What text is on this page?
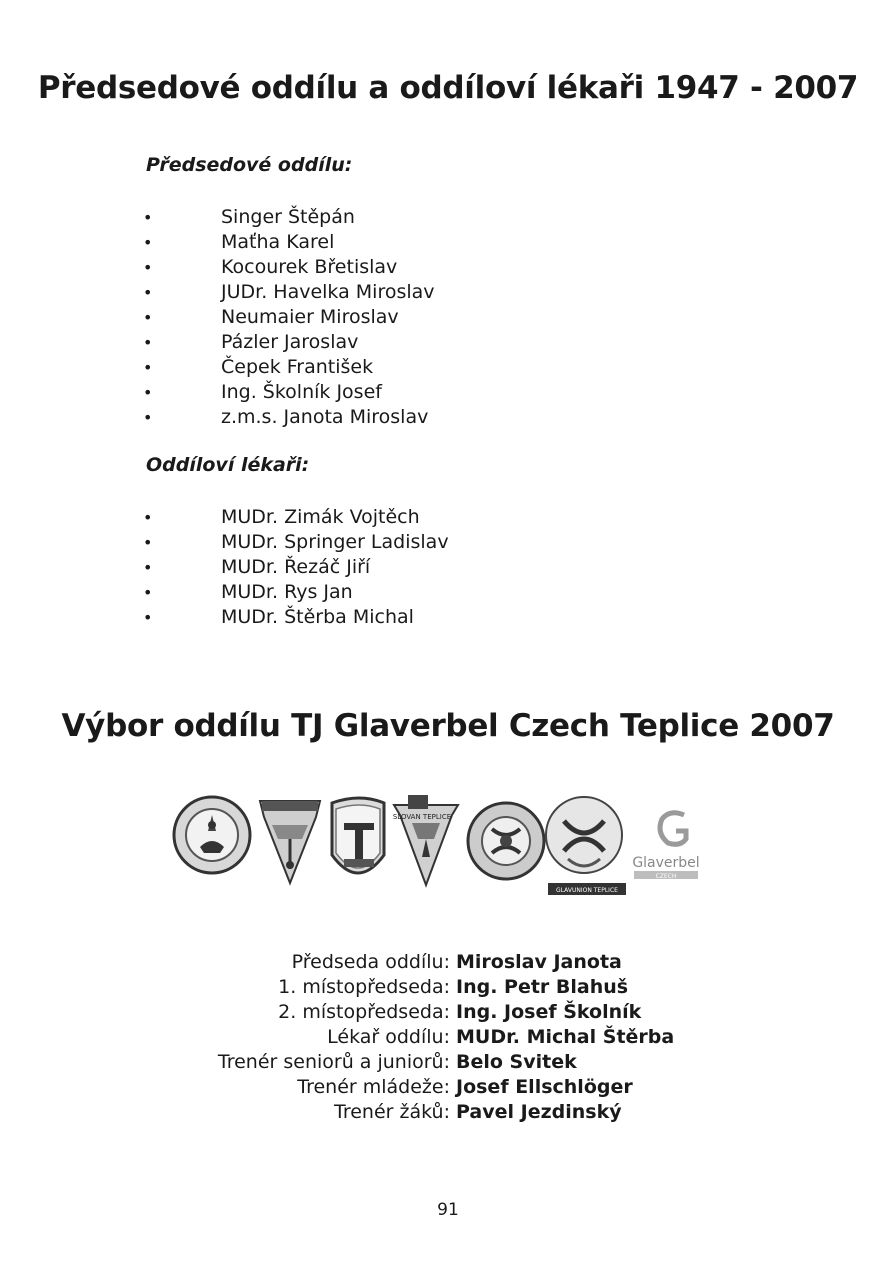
Předsedové oddílu a oddíloví lékaři 1947 - 2007
Předsedové oddílu:
•	Singer Štěpán
•	Maťha Karel
•	Kocourek Břetislav
•	JUDr. Havelka Miroslav
•	Neumaier Miroslav
•	Pázler Jaroslav
•	Čepek František
•	Ing. Školník Josef
•	z.m.s. Janota Miroslav
Oddíloví lékaři:
•	MUDr. Zimák Vojtěch
•	MUDr. Springer Ladislav
•	MUDr. Řezáč Jiří
•	MUDr. Rys Jan
•	MUDr. Štěrba Michal
Výbor oddílu TJ Glaverbel Czech Teplice 2007
SLOVAN TEPLICE
GLAVUNION TEPLICE
Glaverbel
CZECH
Předseda oddílu: Miroslav Janota
1. místopředseda: Ing. Petr Blahuš
2. místopředseda: Ing. Josef Školník
Lékař oddílu: MUDr. Michal Štěrba
Trenér seniorů a juniorů: Belo Svitek
Trenér mládeže: Josef Ellschlöger
Trenér žáků: Pavel Jezdinský
91
